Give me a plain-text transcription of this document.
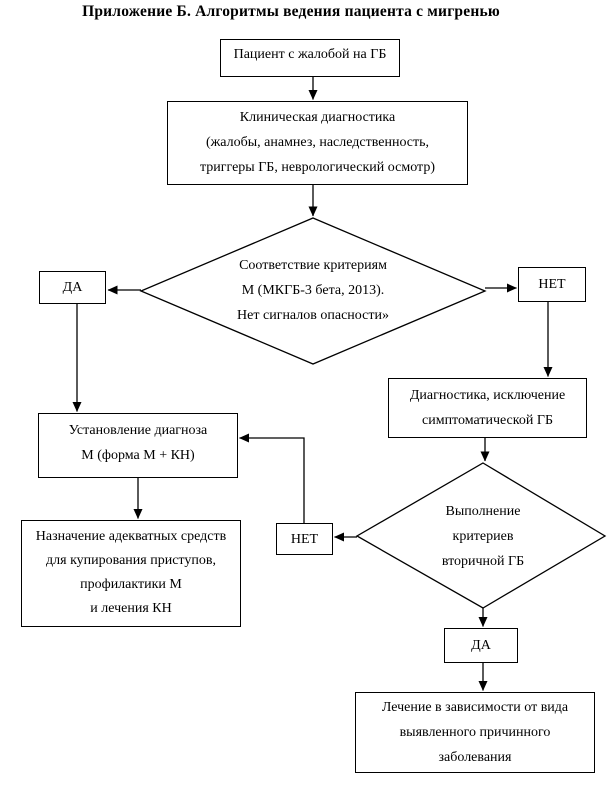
Приложение Б. Алгоритмы ведения пациента с мигренью
Пациент с жалобой на ГБ
Клиническая диагностика
(жалобы, анамнез, наследственность,
триггеры ГБ, неврологический осмотр)
Соответствие критериям
М (МКГБ-3 бета, 2013).
Нет сигналов опасности»
ДА	НЕТ
Диагностика, исключение
симптоматической ГБ
Установление диагноза
М (форма М + КН)
Назначение адекватных средств
для купирования приступов,
профилактики М
и лечения КН
НЕТ
Выполнение
критериев
вторичной ГБ
ДА
Лечение в зависимости от вида
выявленного причинного
заболевания
